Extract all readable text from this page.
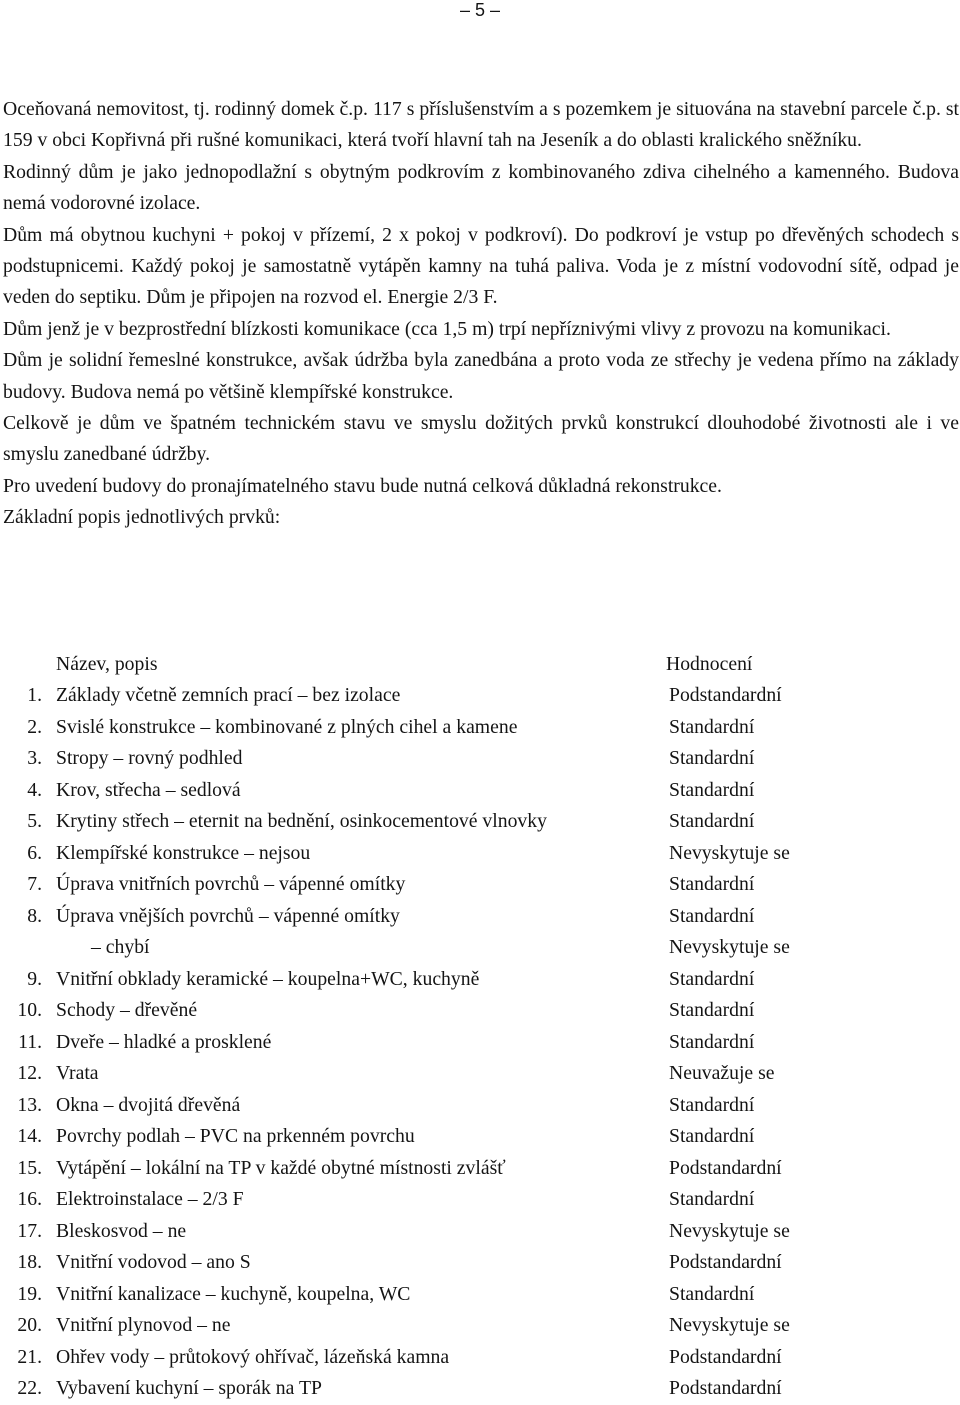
– 5 –

Oceňovaná nemovitost, tj. rodinný domek č.p. 117 s příslušenstvím a s pozemkem je situována na stavební parcele č.p. st 159 v obci Kopřivná při rušné komunikaci, která tvoří hlavní tah na Jeseník a do oblasti kralického sněžníku.

Rodinný dům je jako jednopodlažní s obytným podkrovím z kombinovaného zdiva cihelného a kamenného. Budova nemá vodorovné izolace.

Dům má obytnou kuchyni + pokoj v přízemí, 2 x pokoj v podkroví). Do podkroví je vstup po dřevěných schodech s podstupnicemi. Každý pokoj je samostatně vytápěn kamny na tuhá paliva. Voda je z místní vodovodní sítě, odpad je veden do septiku. Dům je připojen na rozvod el. Energie 2/3 F.

Dům jenž je v bezprostřední blízkosti komunikace (cca 1,5 m) trpí nepříznivými vlivy z provozu na komunikaci.

Dům je solidní řemeslné konstrukce, avšak údržba byla zanedbána a proto voda ze střechy je vedena přímo na základy budovy. Budova nemá po většině klempířské konstrukce.

Celkově je dům ve špatném technickém stavu ve smyslu dožitých prvků konstrukcí dlouhodobé životnosti ale i ve smyslu zanedbané údržby.

Pro uvedení budovy do pronajímatelného stavu bude nutná celková důkladná rekonstrukce.

Základní popis jednotlivých prvků:

Název, popis	Hodnocení
1. Základy včetně zemních prací – bez izolace	Podstandardní
2. Svislé konstrukce – kombinované z plných cihel a kamene	Standardní
3. Stropy – rovný podhled	Standardní
4. Krov, střecha – sedlová	Standardní
5. Krytiny střech – eternit na bednění, osinkocementové vlnovky	Standardní
6. Klempířské konstrukce – nejsou	Nevyskytuje se
7. Úprava vnitřních povrchů – vápenné omítky	Standardní
8. Úprava vnějších povrchů – vápenné omítky	Standardní
– chybí	Nevyskytuje se
9. Vnitřní obklady keramické – koupelna+WC, kuchyně	Standardní
10. Schody – dřevěné	Standardní
11. Dveře – hladké a prosklené	Standardní
12. Vrata	Neuvažuje se
13. Okna – dvojitá dřevěná	Standardní
14. Povrchy podlah – PVC na prkenném povrchu	Standardní
15. Vytápění – lokální na TP v každé obytné místnosti zvlášť	Podstandardní
16. Elektroinstalace – 2/3 F	Standardní
17. Bleskosvod – ne	Nevyskytuje se
18. Vnitřní vodovod – ano S	Podstandardní
19. Vnitřní kanalizace – kuchyně, koupelna, WC	Standardní
20. Vnitřní plynovod – ne	Nevyskytuje se
21. Ohřev vody – průtokový ohřívač, lázeňská kamna	Podstandardní
22. Vybavení kuchyní – sporák na TP	Podstandardní
